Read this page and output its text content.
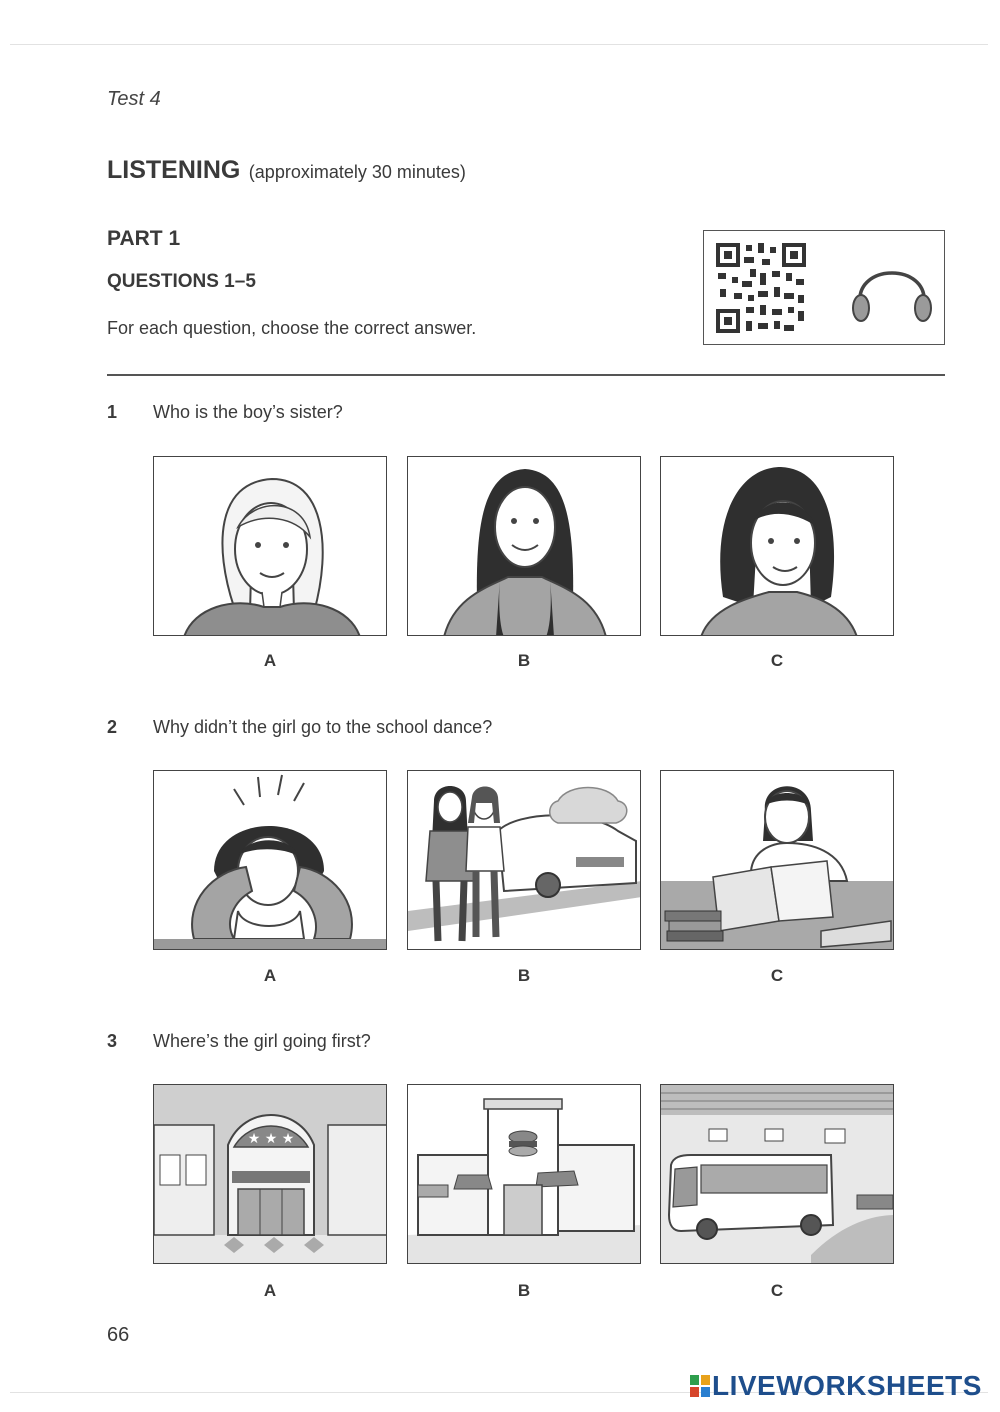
Test 4
LISTENING (approximately 30 minutes)
PART 1
QUESTIONS 1–5
For each question, choose the correct answer.
1 Who is the boy’s sister?
A	B	C
2 Why didn’t the girl go to the school dance?
A	B	C
3 Where’s the girl going first?
★ ★ ★
A	B	C
66
LIVEWORKSHEETS
